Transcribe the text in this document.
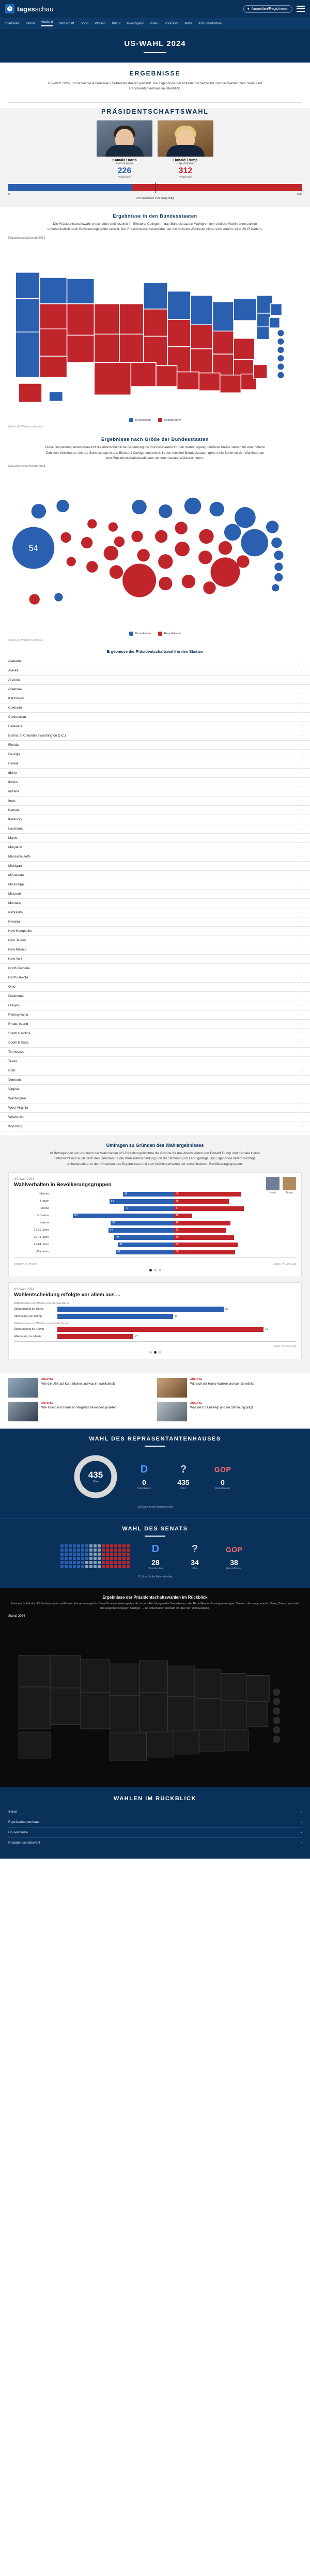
tagesschau	● Anmelden/Registrieren
Startseite Inland Ausland Wirtschaft Sport Wissen Kultur Investigativ Video Podcasts Mehr ARD Mediathek
US-WAHL 2024
ERGEBNISSE
US-Wahl 2024: So haben die Amerikaner US-Bundesstaaten gewählt. Die Ergebnisse der Präsidentschaftswahl und der Wahlen zum Senat und Repräsentantenhaus im Überblick.
PRÄSIDENTSCHAFTSWAHL
Kamala Harris
Demokraten
226
Wahlleute
Donald Trump
Republikaner
312
Wahlleute
0	538
270 Wahlleute zum Sieg nötig
Ergebnisse in den Bundesstaaten
Die Präsidentschaftswahl entscheidet sich letztlich im Electoral College: In das Bundesstaaten-Wahlgremium sind die Wahlmännerzahlen unterschiedlich nach Bevölkerungsgröße verteilt. Der Präsidentschaftskandidat, der die meisten Wahlleute hinter sich vereint, wird US-Präsident.
Präsidentschaftswahl 2024
Demokraten	Republikaner
Quelle: AP/Wahlen in Amerika
Ergebnisse nach Größe der Bundesstaaten
Diese Darstellung veranschaulicht die unterschiedliche Bedeutung der Bundesstaaten für den Wahlausgang: Größere Kreise stehen für eine höhere Zahl von Wahlleuten, die der Bundesstaat in das Electoral College entsendet. In den meisten Bundesstaaten gehen alle Stimmen der Wahlleute an den Präsidentschaftskandidaten mit den meisten Wählerstimmen.
Präsidentschaftswahl 2024
54
Demokraten	Republikaner
Quelle: AP/Wahlen in Amerika
Ergebnisse der Präsidentschaftswahl in den Staaten
Alabama	›
Alaska	›
Arizona	›
Arkansas	›
Kalifornien	›
Colorado	›
Connecticut	›
Delaware	›
District of Columbia (Washington D.C.)	›
Florida	›
Georgia	›
Hawaii	›
Idaho	›
Illinois	›
Indiana	›
Iowa	›
Kansas	›
Kentucky	›
Louisiana	›
Maine	›
Maryland	›
Massachusetts	›
Michigan	›
Minnesota	›
Mississippi	›
Missouri	›
Montana	›
Nebraska	›
Nevada	›
New Hampshire	›
New Jersey	›
New Mexico	›
New York	›
North Carolina	›
North Dakota	›
Ohio	›
Oklahoma	›
Oregon	›
Pennsylvania	›
Rhode Island	›
South Carolina	›
South Dakota	›
Tennessee	›
Texas	›
Utah	›
Vermont	›
Virginia	›
Washington	›
West Virginia	›
Wisconsin	›
Wyoming	›
Umfragen zu Gründen des Wahlergebnisses
In Befragungen vor und nach der Wahl haben US-Forschungsinstitute die Gründe für das Abschneiden von Donald Trump und Kamala Harris untersucht und auch nach den Gründen für die Wählerentscheidung und die Stimmung im Land gefragt. Die Ergebnisse liefern wichtige Anhaltspunkte zu den Ursachen des Ergebnisses und zum Wählerverhalten der verschiedenen Bevölkerungsgruppen.
Harris	Trump
US-Wahl 2024
Wahlverhalten in Bevölkerungsgruppen
Männer	42	55
Frauen	53	45
Weiße	41	57
Schwarze	83	15
Latinos	52	46
18-29 Jahre	54	43
30-44 Jahre	49	49
45-64 Jahre	46	52
65+ Jahre	48	50
Angaben in Prozent	Quelle: AP VoteCast
US-Wahl 2024
Wahlentscheidung erfolgte vor allem aus ...
Wählerinnen und Wähler von Kamala Harris
Überzeugung für Harris	59
Ablehnung von Trump	41
Wählerinnen und Wähler von Donald Trump
Überzeugung für Trump	73
Ablehnung von Harris	27
Quelle: AP VoteCast
ANALYSE
Wie die USA auf Kurs blicken und was im wahlkämpft
ANALYSE
Wie sich der Harris-Wahlen und wer sie wählte
ANALYSE
Wie Trump und Harris im Vergleich besonders punkten
ANALYSE
Was die USA bewegt und die Stimmung prägt
WAHL DES REPRÄSENTANTENHAUSES
435
Sitze
D
0
Demokraten
?
435
offen
GOP
0
Republikaner
218 Sitze für die Mehrheit nötig
WAHL DES SENATS
D
28
Demokraten
?
34
offen
GOP
38
Republikaner
51 Sitze für die Mehrheit nötig
Ergebnisse der Präsidentschaftswahlen im Rückblick

Etwa ein Drittel der US-Bundesstaaten wählt seit Jahrzehnten gleich: Diese Bundesstaaten gelten als sichere Hochburgen der Demokraten oder Republikaner. In einigen wenigen Staaten, den sogenannten Swing States, wechselt das Ergebnis hingegen häufiger — sie entscheiden deshalb oft über den Wahlausgang.

Stand: 2024
WAHLEN IM RÜCKBLICK
Senat	›
Repräsentantenhaus	›
Gouverneure	›
Präsidentschaftswahl	›
